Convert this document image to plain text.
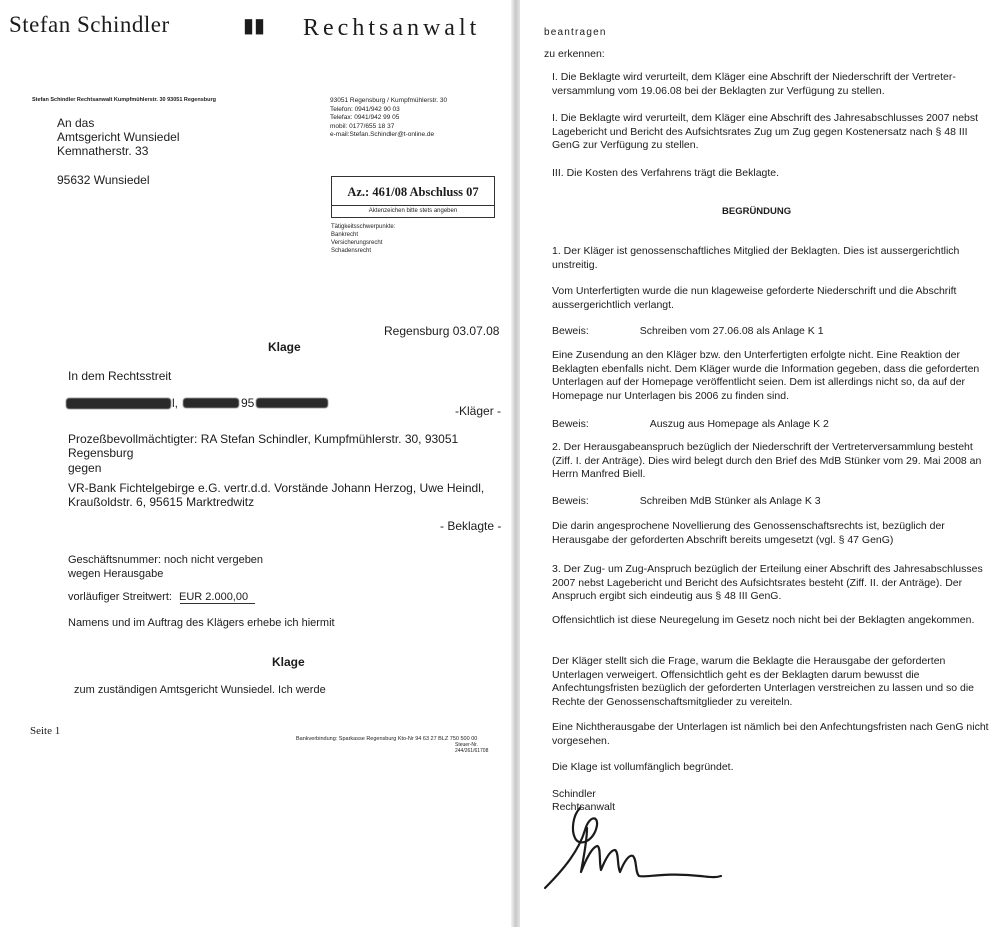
Stefan Schindler	▮▮ Rechtsanwalt
Stefan Schindler Rechtsanwalt Kumpfmühlerstr. 30 93051 Regensburg
An das
Amtsgericht Wunsiedel
Kemnatherstr. 33
95632 Wunsiedel
93051 Regensburg / Kumpfmühlerstr. 30
Telefon: 0941/942 90 03
Telefax: 0941/942 99 05
mobil: 0177/655 18 37
e-mail:Stefan.Schindler@t-online.de
Az.: 461/08 Abschluss 07
Aktenzeichen bitte stets angeben
Tätigkeitsschwerpunkte:
Bankrecht
Versicherungsrecht
Schadensrecht
Regensburg 03.07.08
Klage
In dem Rechtsstreit
l,	95
-Kläger -
Prozeßbevollmächtigter: RA Stefan Schindler, Kumpfmühlerstr. 30, 93051 Regensburg
gegen
VR-Bank Fichtelgebirge e.G. vertr.d.d. Vorstände Johann Herzog, Uwe Heindl,
Kraußoldstr. 6, 95615 Marktredwitz
- Beklagte -
Geschäftsnummer: noch nicht vergeben
wegen Herausgabe
vorläufiger Streitwert: EUR 2.000,00
Namens und im Auftrag des Klägers erhebe ich hiermit
Klage
zum zuständigen Amtsgericht Wunsiedel. Ich werde
Seite 1
Bankverbindung: Sparkasse Regensburg Kto-Nr 94 63 27 BLZ 750 500 00
Steuer-Nr. 244/261/61708
beantragen
zu erkennen:
I. Die Beklagte wird verurteilt, dem Kläger eine Abschrift der Niederschrift der Vertreter-versammlung vom 19.06.08 bei der Beklagten zur Verfügung zu stellen.
I. Die Beklagte wird verurteilt, dem Kläger eine Abschrift des Jahresabschlusses 2007 nebst Lagebericht und Bericht des Aufsichtsrates Zug um Zug gegen Kostenersatz nach § 48 III GenG zur Verfügung zu stellen.
III. Die Kosten des Verfahrens trägt die Beklagte.
BEGRÜNDUNG
1. Der Kläger ist genossenschaftliches Mitglied der Beklagten. Dies ist aussergerichtlich unstreitig.
Vom Unterfertigten wurde die nun klageweise geforderte Niederschrift und die Abschrift aussergerichtlich verlangt.
Beweis:	Schreiben vom 27.06.08 als Anlage K 1
Eine Zusendung an den Kläger bzw. den Unterfertigten erfolgte nicht. Eine Reaktion der Beklagten ebenfalls nicht. Dem Kläger wurde die Information gegeben, dass die geforderten Unterlagen auf der Homepage veröffentlicht seien. Dem ist allerdings nicht so, da auf der Homepage nur Unterlagen bis 2006 zu finden sind.
Beweis:	Auszug aus Homepage als Anlage K 2
2. Der Herausgabeanspruch bezüglich der Niederschrift der Vertreterversammlung besteht (Ziff. I. der Anträge). Dies wird belegt durch den Brief des MdB Stünker vom 29. Mai 2008 an Herrn Manfred Biell.
Beweis:	Schreiben MdB Stünker als Anlage K 3
Die darin angesprochene Novellierung des Genossenschaftsrechts ist, bezüglich der Herausgabe der geforderten Abschrift bereits umgesetzt (vgl. § 47 GenG)
3. Der Zug- um Zug-Anspruch bezüglich der Erteilung einer Abschrift des Jahresabschlusses 2007 nebst Lagebericht und Bericht des Aufsichtsrates besteht (Ziff. II. der Anträge). Der Anspruch ergibt sich eindeutig aus § 48 III GenG.
Offensichtlich ist diese Neuregelung im Gesetz noch nicht bei der Beklagten angekommen.
Der Kläger stellt sich die Frage, warum die Beklagte die Herausgabe der geforderten Unterlagen verweigert. Offensichtlich geht es der Beklagten darum bewusst die Anfechtungsfristen bezüglich der geforderten Unterlagen verstreichen zu lassen und so die Rechte der Genossenschaftsmitglieder zu vereiteln.
Eine Nichtherausgabe der Unterlagen ist nämlich bei den Anfechtungsfristen nach GenG nicht vorgesehen.
Die Klage ist vollumfänglich begründet.
Schindler
Rechtsanwalt
